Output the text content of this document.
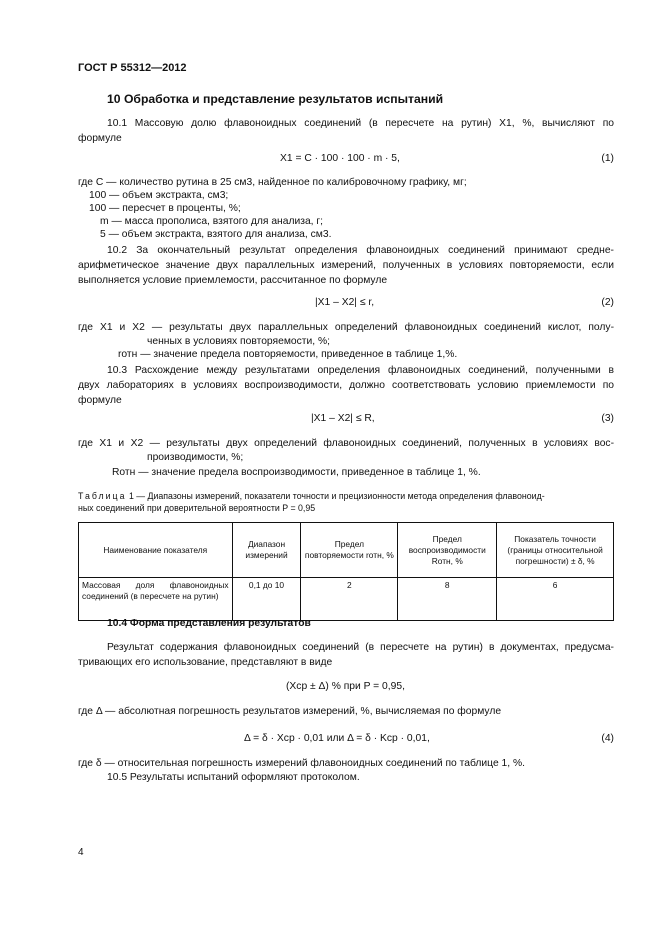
ГОСТ Р 55312—2012
10 Обработка и представление результатов испытаний
10.1 Массовую долю флавоноидных соединений (в пересчете на рутин) X1, %, вычисляют по
формуле
X1 = C · 100 · 100 · m · 5,	(1)
где C — количество рутина в 25 см3, найденное по калибровочному графику, мг;
100 — объем экстракта, см3;
100 — пересчет в проценты, %;
m — масса прополиса, взятого для анализа, г;
5 — объем экстракта, взятого для анализа, см3.
10.2 За окончательный результат определения флавоноидных соединений принимают средне-
арифметическое значение двух параллельных измерений, полученных в условиях повторяемости, если
выполняется условие приемлемости, рассчитанное по формуле
|X1 – X2| ≤ r,	(2)
где X1 и X2 — результаты двух параллельных определений флавоноидных соединений кислот, полу-
ченных в условиях повторяемости, %;
rотн — значение предела повторяемости, приведенное в таблице 1,%.
10.3 Расхождение между результатами определения флавоноидных соединений, полученными в
двух лабораториях в условиях воспроизводимости, должно соответствовать условию приемлемости по
формуле
|X1 – X2| ≤ R,	(3)
где X1 и X2 — результаты двух определений флавоноидных соединений, полученных в условиях вос-
производимости, %;
Rотн — значение предела воспроизводимости, приведенное в таблице 1, %.
Таблица 1 — Диапазоны измерений, показатели точности и прецизионности метода определения флавоноид-
ных соединений при доверительной вероятности P = 0,95
Наименование показателя	Диапазон измерений	Предел повторяемости rотн, %	Предел воспроизводимости Rотн, %	Показатель точности (границы относительной погрешности) ± δ, %
Массовая доля флавоноидных соединений (в пересчете на рутин)	0,1 до 10	2	8	6
10.4 Форма представления результатов
Результат содержания флавоноидных соединений (в пересчете на рутин) в документах, предусма-
тривающих его использование, представляют в виде
(Xср ± Δ) % при P = 0,95,
где Δ — абсолютная погрешность результатов измерений, %, вычисляемая по формуле
Δ = δ · Xср · 0,01 или Δ = δ · Kср · 0,01,	(4)
где δ — относительная погрешность измерений флавоноидных соединений по таблице 1, %.
10.5 Результаты испытаний оформляют протоколом.
4
